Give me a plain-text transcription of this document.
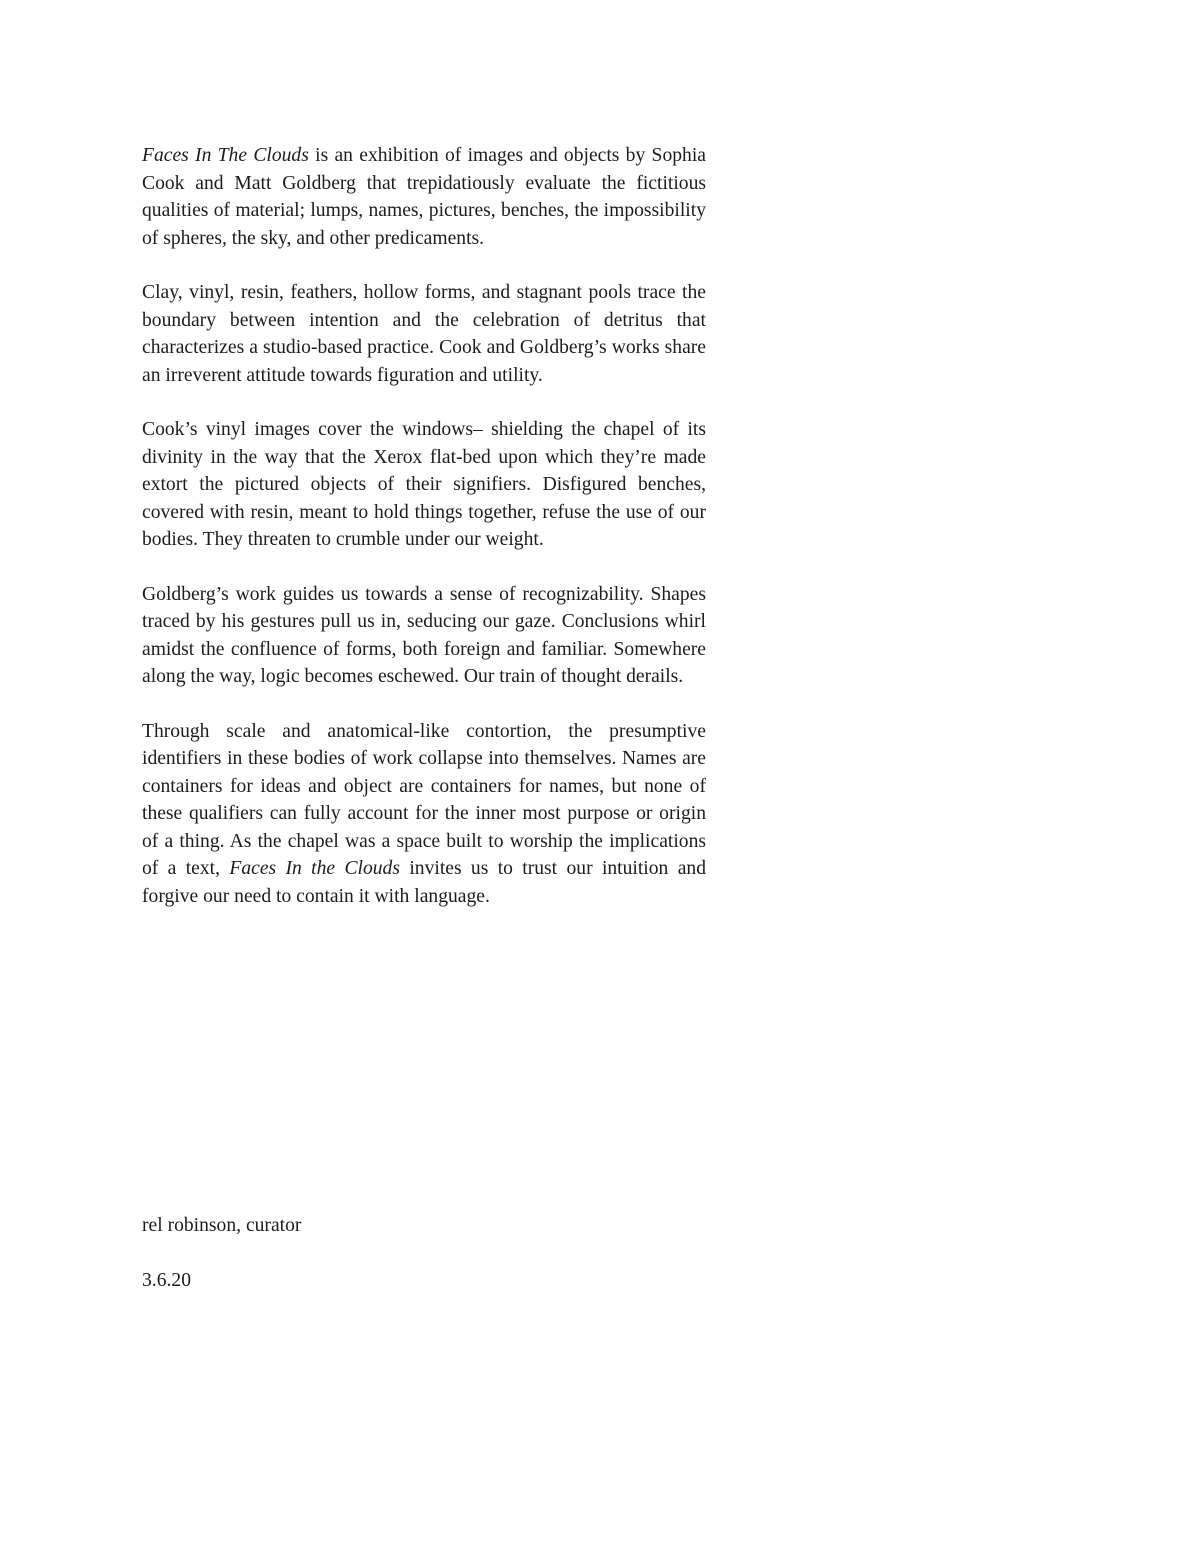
Faces In The Clouds is an exhibition of images and objects by Sophia Cook and Matt Goldberg that trepidatiously evaluate the fictitious qualities of material; lumps, names, pictures, benches, the impossibility of spheres, the sky, and other predicaments.

Clay, vinyl, resin, feathers, hollow forms, and stagnant pools trace the boundary between intention and the celebration of detritus that characterizes a studio-based practice. Cook and Goldberg’s works share an irreverent attitude towards figuration and utility.

Cook’s vinyl images cover the windows– shielding the chapel of its divinity in the way that the Xerox flat-bed upon which they’re made extort the pictured objects of their signifiers. Disfigured benches, covered with resin, meant to hold things together, refuse the use of our bodies. They threaten to crumble under our weight.

Goldberg’s work guides us towards a sense of recognizability. Shapes traced by his gestures pull us in, seducing our gaze. Conclusions whirl amidst the confluence of forms, both foreign and familiar. Somewhere along the way, logic becomes eschewed. Our train of thought derails.

Through scale and anatomical-like contortion, the presumptive identifiers in these bodies of work collapse into themselves. Names are containers for ideas and object are containers for names, but none of these qualifiers can fully account for the inner most purpose or origin of a thing. As the chapel was a space built to worship the implications of a text, Faces In the Clouds invites us to trust our intuition and forgive our need to contain it with language.

rel robinson, curator
3.6.20
